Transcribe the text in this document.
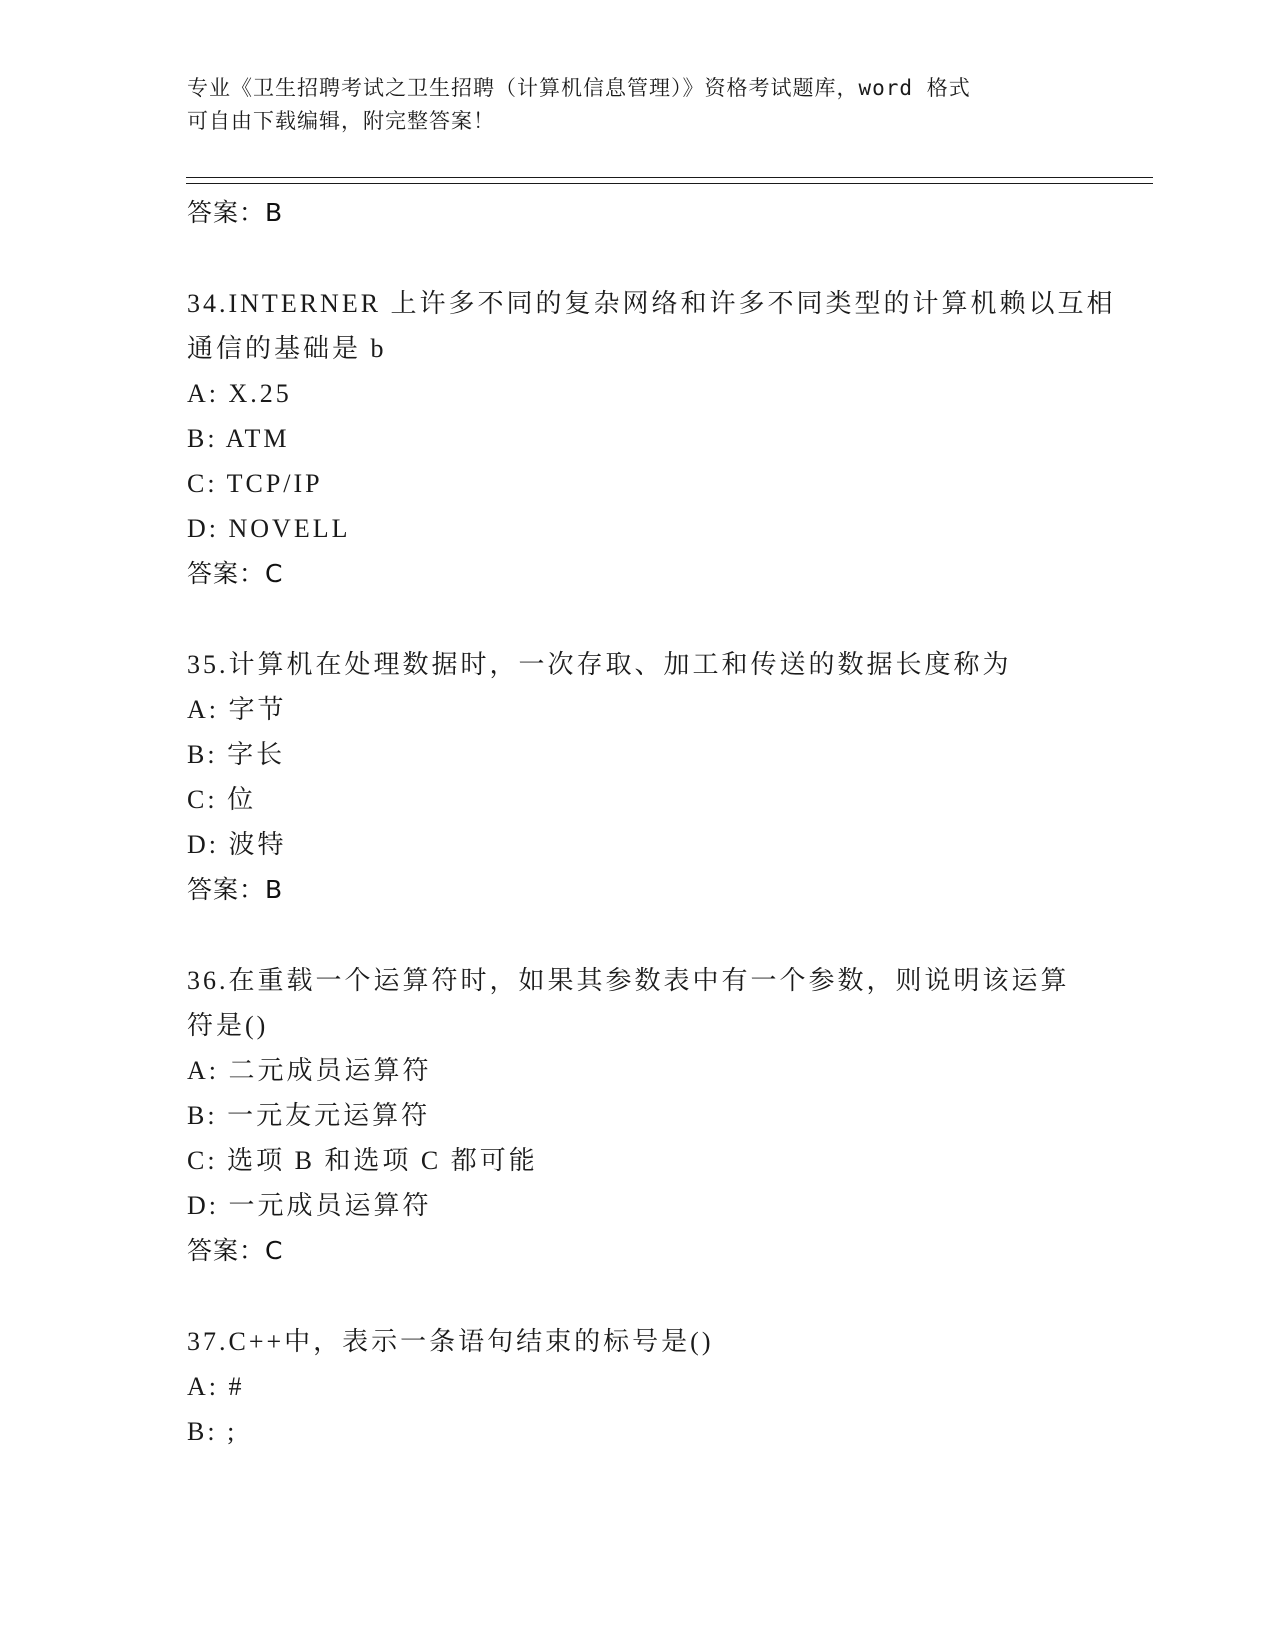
专业《卫生招聘考试之卫生招聘（计算机信息管理）》资格考试题库，word 格式
可自由下载编辑，附完整答案！
答案：B
34.INTERNER 上许多不同的复杂网络和许多不同类型的计算机赖以互相
通信的基础是 b
A: X.25
B: ATM
C: TCP/IP
D: NOVELL
答案：C
35.计算机在处理数据时，一次存取、加工和传送的数据长度称为
A: 字节
B: 字长
C: 位
D: 波特
答案：B
36.在重载一个运算符时，如果其参数表中有一个参数，则说明该运算
符是()
A: 二元成员运算符
B: 一元友元运算符
C: 选项 B 和选项 C 都可能
D: 一元成员运算符
答案：C
37.C++中，表示一条语句结束的标号是()
A: #
B: ;
